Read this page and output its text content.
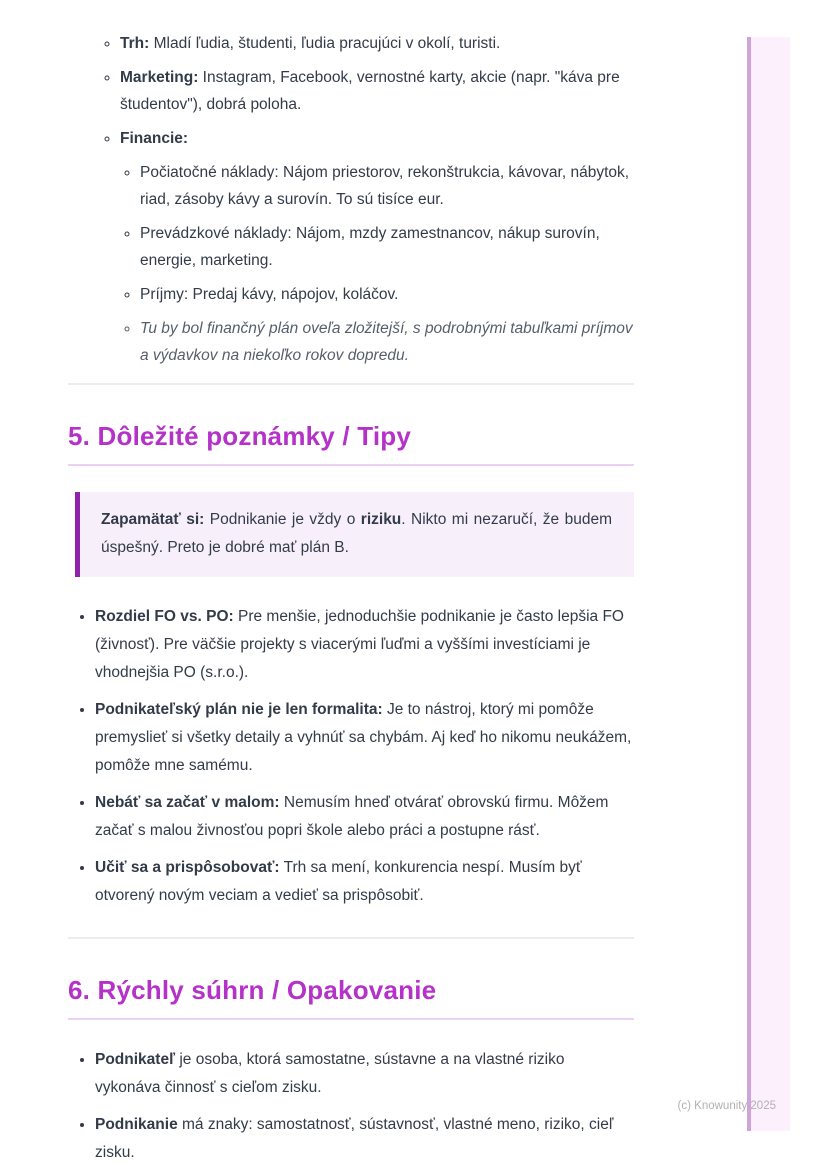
◦ Trh: Mladí ľudia, študenti, ľudia pracujúci v okolí, turisti.
◦ Marketing: Instagram, Facebook, vernostné karty, akcie (napr. "káva pre študentov"), dobrá poloha.
◦ Financie:
◦ Počiatočné náklady: Nájom priestorov, rekonštrukcia, kávovar, nábytok, riad, zásoby kávy a surovín. To sú tisíce eur.
◦ Prevádzkové náklady: Nájom, mzdy zamestnancov, nákup surovín, energie, marketing.
◦ Príjmy: Predaj kávy, nápojov, koláčov.
◦ Tu by bol finančný plán oveľa zložitejší, s podrobnými tabuľkami príjmov a výdavkov na niekoľko rokov dopredu.
5. Dôležité poznámky / Tipy

Zapamätať si: Podnikanie je vždy o riziku. Nikto mi nezaručí, že budem úspešný. Preto je dobré mať plán B.

• Rozdiel FO vs. PO: Pre menšie, jednoduchšie podnikanie je často lepšia FO (živnosť). Pre väčšie projekty s viacerými ľuďmi a vyššími investíciami je vhodnejšia PO (s.r.o.).
• Podnikateľský plán nie je len formalita: Je to nástroj, ktorý mi pomôže premyslieť si všetky detaily a vyhnúť sa chybám. Aj keď ho nikomu neukážem, pomôže mne samému.
• Nebáť sa začať v malom: Nemusím hneď otvárať obrovskú firmu. Môžem začať s malou živnosťou popri škole alebo práci a postupne rásť.
• Učiť sa a prispôsobovať: Trh sa mení, konkurencia nespí. Musím byť otvorený novým veciam a vedieť sa prispôsobiť.
6. Rýchly súhrn / Opakovanie
• Podnikateľ je osoba, ktorá samostatne, sústavne a na vlastné riziko vykonáva činnosť s cieľom zisku.
• Podnikanie má znaky: samostatnosť, sústavnosť, vlastné meno, riziko, cieľ zisku.
(c) Knowunity 2025
